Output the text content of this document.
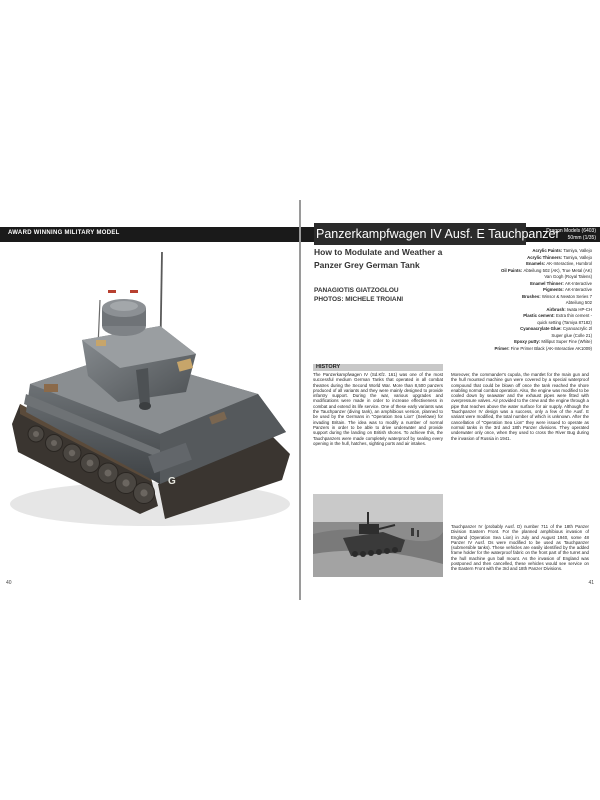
AWARD WINNING MILITARY MODEL
G
40
Panzerkampfwagen IV Ausf. E Tauchpanzer
Dragon Models (6403)
50mm (1/35)
How to Modulate and Weather a Panzer Grey German Tank
PANAGIOTIS GIATZOGLOU
PHOTOS: MICHELE TROIANI
Acrylic Paints: Tamiya, Vallejo
Acrylic Thinners: Tamiya, Vallejo
Enamels: AK-Interactive, Humbrol
Oil Paints: Abteilung 502 (AK), True Metal (AK)
Van Gogh (Royal Talens)
Enamel Thinner: AK-Interactive
Pigments: AK-Interactive
Brushes: Winsor & Newton Series 7
Abteilung 502
Airbrush: Iwata HP-CH
Plastic cement: Extra thin cement -
quick setting (Tamiya 87182)
Cyanoacrylate Glue: Cyanoacrylic 2l
Super glue (Colle 21)
Epoxy putty: Milliput Super Fine (White)
Primer: Fine Primer Black (AK-Interactive AK1009)
HISTORY
The Panzerkampfwagen IV (Sd.Kfz. 161) was one of the most successful medium German Tanks that operated in all combat theatres during the Second World War. More than 8,500 panzers produced of all variants and they were mainly designed to provide infantry support. During the war, various upgrades and modifications were made in order to increase effectiveness in combat and extend its life service. One of these early variants was the Tauchpanzer (diving tank), an amphibious version, planned to be used by the Germans in "Operation Sea Lion" (Seelöwe) for invading Britain. The idea was to modify a number of normal Panzers in order to be able to drive underwater and provide support during the landing on British shores. To achieve this, the Tauchpanzers were made completely waterproof by sealing every opening in the hull, hatches, sighting ports and air intakes.
Moreover, the commander's cupola, the mantlet for the main gun and the hull mounted machine gun were covered by a special waterproof compound that could be blown off once the tank reached the shore enabling normal combat operation. Also, the engine was modified to be cooled down by seawater and the exhaust pipes were fitted with overpressure valves. Air provided to the crew and the engine through a pipe that reaches above the water surface for air supply. Although the Tauchpanzer IV design was a success, only a few of the Ausf. E variant were modified, the total number of which is unknown. After the cancellation of "Operation Sea Lion" they were issued to operate as normal tanks in the 3rd and 18th Panzer divisions. They operated underwater only once, when they used to cross the River Bug during the invasion of Russia in 1941.
Tauchpanzer IV (probably Ausf. D) number 711 of the 18th Panzer Division Eastern Front. For the planned amphibious invasion of England (Operation Sea Lion) in July and August 1940, some 48 Panzer IV Ausf. Ds were modified to be used as Tauchpanzer (submersible tanks). These vehicles are easily identified by the added frame holder for the waterproof fabric on the front part of the turret and the hull machine gun ball mount. As the invasion of England was postponed and then cancelled, these vehicles would see service on the Eastern Front with the 3rd and 18th Panzer Divisions.
41
